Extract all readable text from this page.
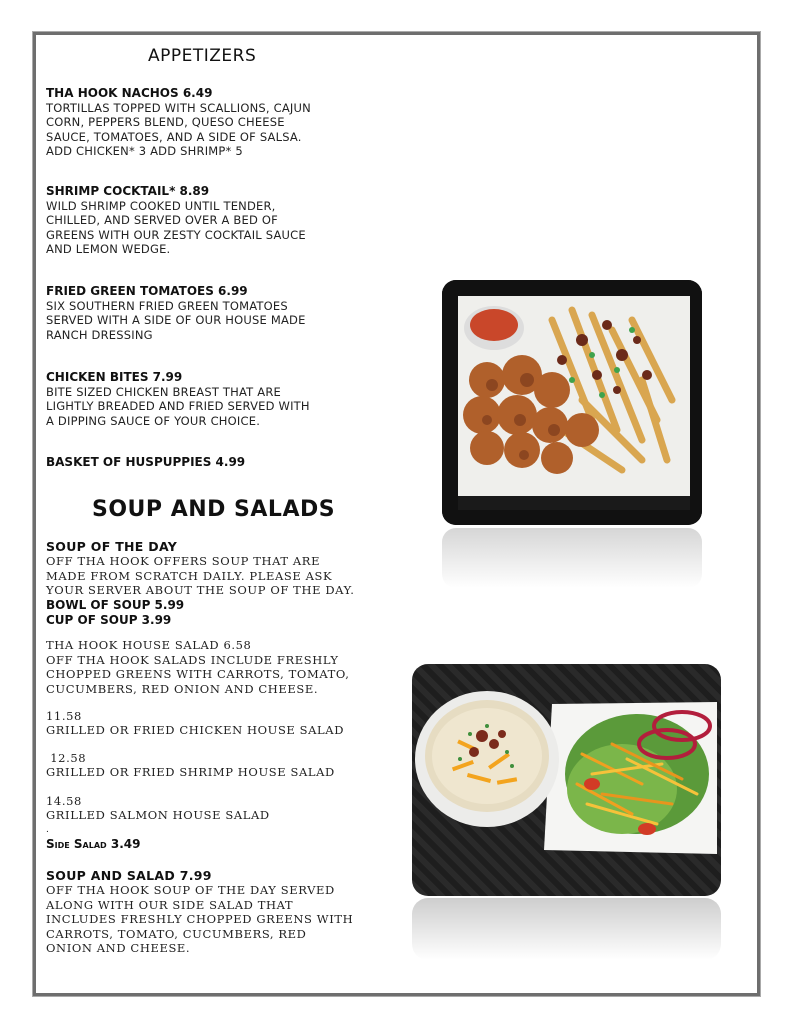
APPETIZERS
THA HOOK NACHOS 6.49
TORTILLAS TOPPED WITH SCALLIONS, CAJUN
CORN, PEPPERS BLEND, QUESO CHEESE
SAUCE, TOMATOES, AND A SIDE OF SALSA.
ADD CHICKEN* 3 ADD SHRIMP* 5
SHRIMP COCKTAIL* 8.89
WILD SHRIMP COOKED UNTIL TENDER,
CHILLED, AND SERVED OVER A BED OF
GREENS WITH OUR ZESTY COCKTAIL SAUCE
AND LEMON WEDGE.
FRIED GREEN TOMATOES 6.99
SIX SOUTHERN FRIED GREEN TOMATOES
SERVED WITH A SIDE OF OUR HOUSE MADE
RANCH DRESSING
CHICKEN BITES 7.99
BITE SIZED CHICKEN BREAST THAT ARE
LIGHTLY BREADED AND FRIED SERVED WITH
A DIPPING SAUCE OF YOUR CHOICE.
BASKET OF HUSPUPPIES 4.99
SOUP AND SALADS
SOUP OF THE DAY
OFF THA HOOK OFFERS SOUP THAT ARE
MADE FROM SCRATCH DAILY. PLEASE ASK
YOUR SERVER ABOUT THE SOUP OF THE DAY.
BOWL OF SOUP 5.99
CUP OF SOUP 3.99
THA HOOK HOUSE SALAD 6.58
OFF THA HOOK SALADS INCLUDE FRESHLY
CHOPPED GREENS WITH CARROTS, TOMATO,
CUCUMBERS, RED ONION AND CHEESE.
11.58
GRILLED OR FRIED CHICKEN HOUSE SALAD
12.58
GRILLED OR FRIED SHRIMP HOUSE SALAD
14.58
GRILLED SALMON HOUSE SALAD
.
Side Salad 3.49
SOUP AND SALAD 7.99
OFF THA HOOK SOUP OF THE DAY SERVED
ALONG WITH OUR SIDE SALAD THAT
INCLUDES FRESHLY CHOPPED GREENS WITH
CARROTS, TOMATO, CUCUMBERS, RED
ONION AND CHEESE.
